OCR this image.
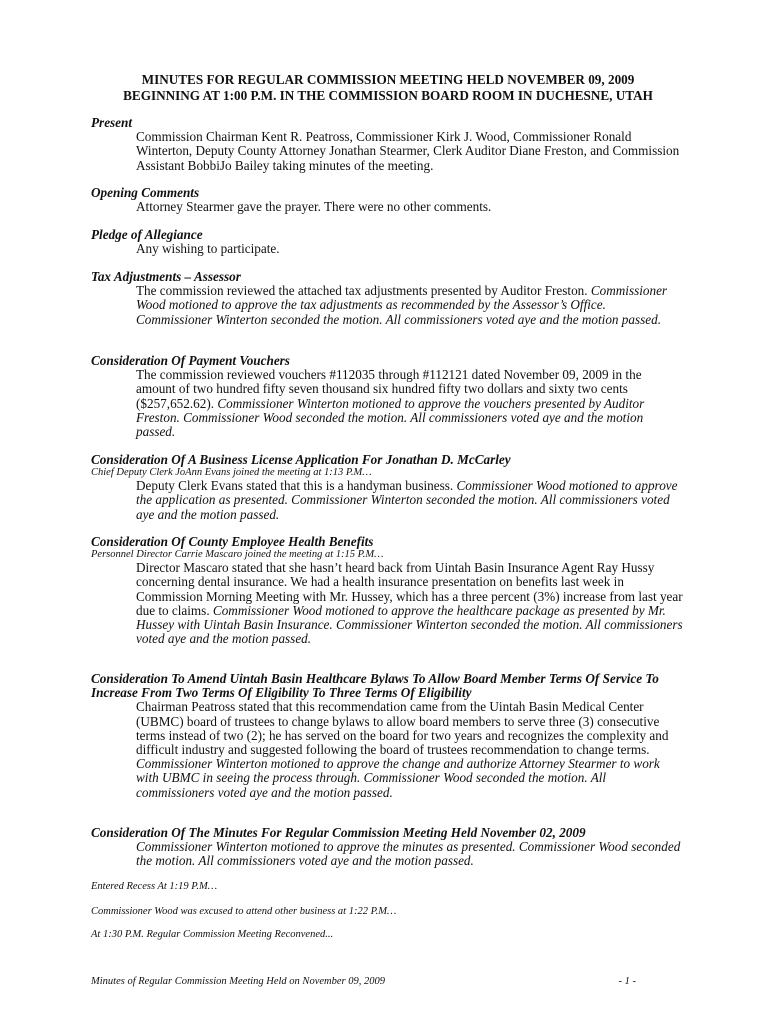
MINUTES FOR REGULAR COMMISSION MEETING HELD NOVEMBER 09, 2009 BEGINNING AT 1:00 P.M. IN THE COMMISSION BOARD ROOM IN DUCHESNE, UTAH
Present
Commission Chairman Kent R. Peatross, Commissioner Kirk J. Wood, Commissioner Ronald Winterton, Deputy County Attorney Jonathan Stearmer, Clerk Auditor Diane Freston, and Commission Assistant BobbiJo Bailey taking minutes of the meeting.
Opening Comments
Attorney Stearmer gave the prayer. There were no other comments.
Pledge of Allegiance
Any wishing to participate.
Tax Adjustments – Assessor
The commission reviewed the attached tax adjustments presented by Auditor Freston. Commissioner Wood motioned to approve the tax adjustments as recommended by the Assessor’s Office. Commissioner Winterton seconded the motion. All commissioners voted aye and the motion passed.
Consideration Of Payment Vouchers
The commission reviewed vouchers #112035 through #112121 dated November 09, 2009 in the amount of two hundred fifty seven thousand six hundred fifty two dollars and sixty two cents ($257,652.62). Commissioner Winterton motioned to approve the vouchers presented by Auditor Freston. Commissioner Wood seconded the motion. All commissioners voted aye and the motion passed.
Consideration Of A Business License Application For Jonathan D. McCarley
Chief Deputy Clerk JoAnn Evans joined the meeting at 1:13 P.M…
Deputy Clerk Evans stated that this is a handyman business. Commissioner Wood motioned to approve the application as presented. Commissioner Winterton seconded the motion. All commissioners voted aye and the motion passed.
Consideration Of County Employee Health Benefits
Personnel Director Carrie Mascaro joined the meeting at 1:15 P.M…
Director Mascaro stated that she hasn’t heard back from Uintah Basin Insurance Agent Ray Hussy concerning dental insurance. We had a health insurance presentation on benefits last week in Commission Morning Meeting with Mr. Hussey, which has a three percent (3%) increase from last year due to claims. Commissioner Wood motioned to approve the healthcare package as presented by Mr. Hussey with Uintah Basin Insurance. Commissioner Winterton seconded the motion. All commissioners voted aye and the motion passed.
Consideration To Amend Uintah Basin Healthcare Bylaws To Allow Board Member Terms Of Service To Increase From Two Terms Of Eligibility To Three Terms Of Eligibility
Chairman Peatross stated that this recommendation came from the Uintah Basin Medical Center (UBMC) board of trustees to change bylaws to allow board members to serve three (3) consecutive terms instead of two (2); he has served on the board for two years and recognizes the complexity and difficult industry and suggested following the board of trustees recommendation to change terms. Commissioner Winterton motioned to approve the change and authorize Attorney Stearmer to work with UBMC in seeing the process through. Commissioner Wood seconded the motion. All commissioners voted aye and the motion passed.
Consideration Of The Minutes For Regular Commission Meeting Held November 02, 2009
Commissioner Winterton motioned to approve the minutes as presented. Commissioner Wood seconded the motion. All commissioners voted aye and the motion passed.
Entered Recess At 1:19 P.M…
Commissioner Wood was excused to attend other business at 1:22 P.M…
At 1:30 P.M. Regular Commission Meeting Reconvened...
Minutes of Regular Commission Meeting Held on November 09, 2009	- 1 -
